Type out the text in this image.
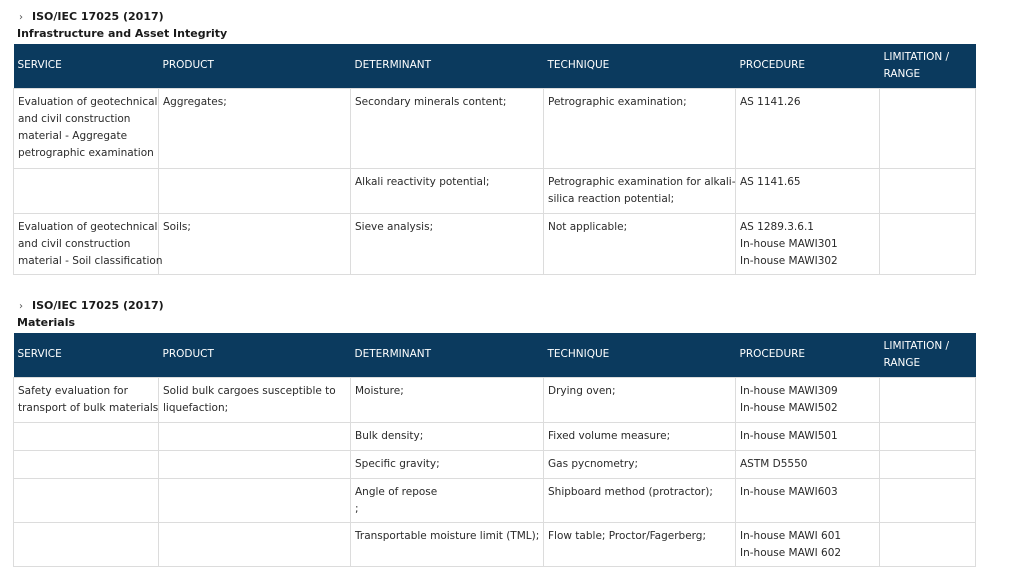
› ISO/IEC 17025 (2017)
Infrastructure and Asset Integrity
SERVICE	PRODUCT	DETERMINANT	TECHNIQUE	PROCEDURE	LIMITATION / RANGE

Evaluation of geotechnical
and civil construction
material - Aggregate
petrographic examination	Aggregates;	Secondary minerals content;	Petrographic examination;	AS 1141.26	

		Alkali reactivity potential;	Petrographic examination for alkali-
silica reaction potential;	AS 1141.65	

Evaluation of geotechnical
and civil construction
material - Soil classification	Soils;	Sieve analysis;	Not applicable;	AS 1289.3.6.1
In-house MAWI301
In-house MAWI302	

› ISO/IEC 17025 (2017)
Materials
SERVICE	PRODUCT	DETERMINANT	TECHNIQUE	PROCEDURE	LIMITATION / RANGE

Safety evaluation for
transport of bulk materials	Solid bulk cargoes susceptible to
liquefaction;	Moisture;	Drying oven;	In-house MAWI309
In-house MAWI502	

		Bulk density;	Fixed volume measure;	In-house MAWI501	

		Specific gravity;	Gas pycnometry;	ASTM D5550	

		Angle of repose
;	Shipboard method (protractor);	In-house MAWI603	

		Transportable moisture limit (TML);	Flow table; Proctor/Fagerberg;	In-house MAWI 601
In-house MAWI 602	
